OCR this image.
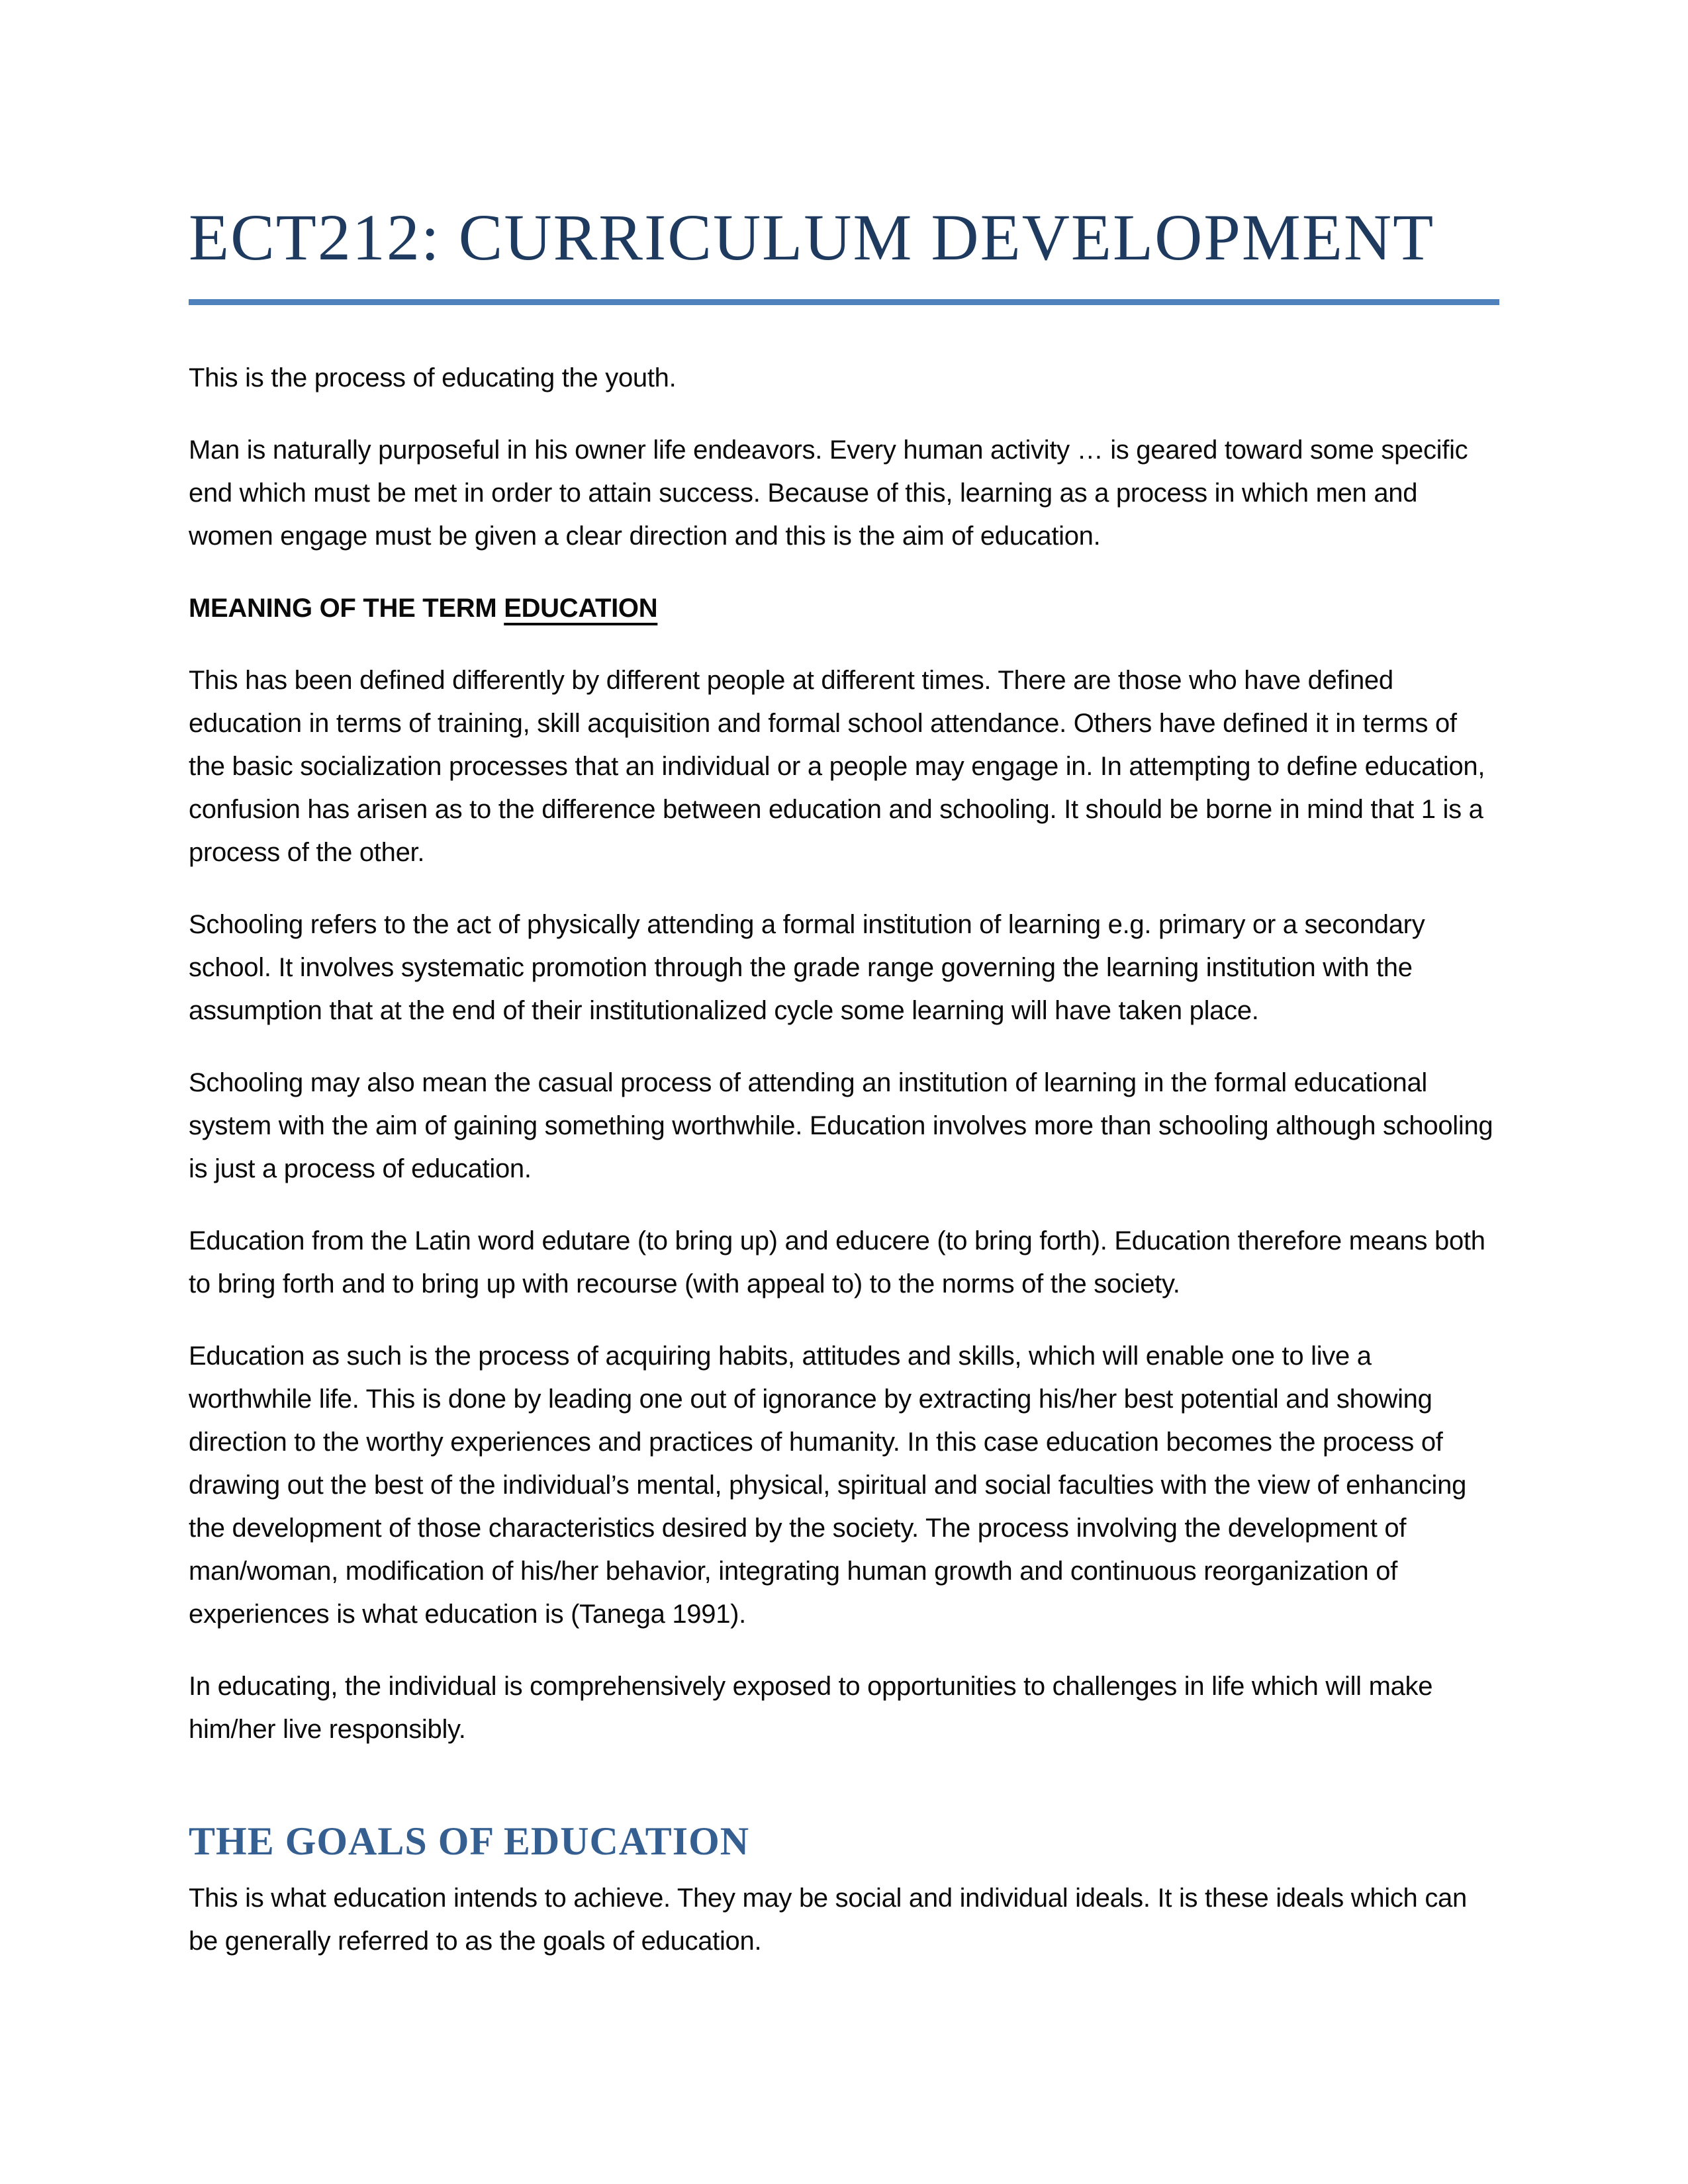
ECT212: CURRICULUM DEVELOPMENT

This is the process of educating the youth.

Man is naturally purposeful in his owner life endeavors. Every human activity … is geared toward some specific end which must be met in order to attain success. Because of this, learning as a process in which men and women engage must be given a clear direction and this is the aim of education.

MEANING OF THE TERM EDUCATION

This has been defined differently by different people at different times. There are those who have defined education in terms of training, skill acquisition and formal school attendance. Others have defined it in terms of the basic socialization processes that an individual or a people may engage in. In attempting to define education, confusion has arisen as to the difference between education and schooling. It should be borne in mind that 1 is a process of the other.

Schooling refers to the act of physically attending a formal institution of learning e.g. primary or a secondary school. It involves systematic promotion through the grade range governing the learning institution with the assumption that at the end of their institutionalized cycle some learning will have taken place.

Schooling may also mean the casual process of attending an institution of learning in the formal educational system with the aim of gaining something worthwhile. Education involves more than schooling although schooling is just a process of education.

Education from the Latin word edutare (to bring up) and educere (to bring forth). Education therefore means both to bring forth and to bring up with recourse (with appeal to) to the norms of the society.

Education as such is the process of acquiring habits, attitudes and skills, which will enable one to live a worthwhile life. This is done by leading one out of ignorance by extracting his/her best potential and showing direction to the worthy experiences and practices of humanity. In this case education becomes the process of drawing out the best of the individual’s mental, physical, spiritual and social faculties with the view of enhancing the development of those characteristics desired by the society. The process involving the development of man/woman, modification of his/her behavior, integrating human growth and continuous reorganization of experiences is what education is (Tanega 1991).

In educating, the individual is comprehensively exposed to opportunities to challenges in life which will make him/her live responsibly.

THE GOALS OF EDUCATION

This is what education intends to achieve. They may be social and individual ideals. It is these ideals which can be generally referred to as the goals of education.
